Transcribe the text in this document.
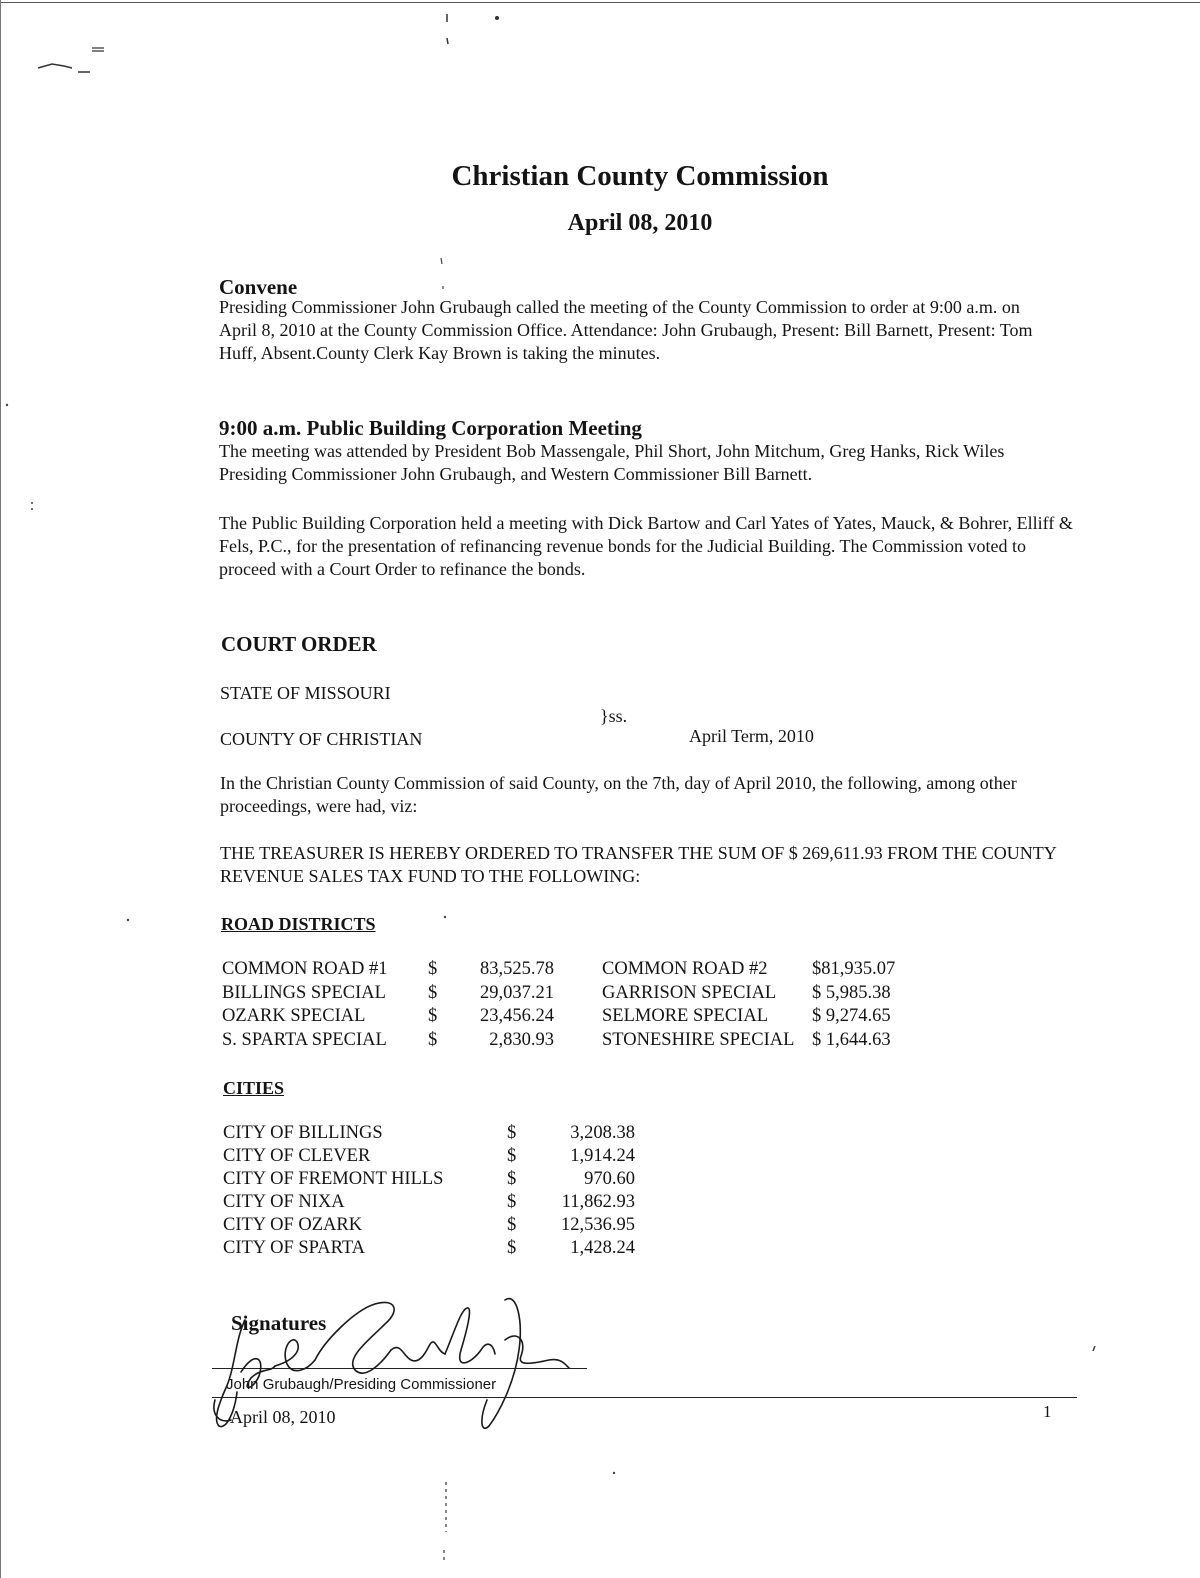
Christian County Commission
April 08, 2010
Convene
Presiding Commissioner John Grubaugh called the meeting of the County Commission to order at 9:00 a.m. on April 8, 2010 at the County Commission Office. Attendance: John Grubaugh, Present: Bill Barnett, Present: Tom Huff, Absent.County Clerk Kay Brown is taking the minutes.
9:00 a.m. Public Building Corporation Meeting
The meeting was attended by President Bob Massengale, Phil Short, John Mitchum, Greg Hanks, Rick Wiles Presiding Commissioner John Grubaugh, and Western Commissioner Bill Barnett.
The Public Building Corporation held a meeting with Dick Bartow and Carl Yates of Yates, Mauck, & Bohrer, Elliff & Fels, P.C., for the presentation of refinancing revenue bonds for the Judicial Building. The Commission voted to proceed with a Court Order to refinance the bonds.
COURT ORDER
STATE OF MISSOURI
}ss.
COUNTY OF CHRISTIAN	April Term, 2010
In the Christian County Commission of said County, on the 7th, day of April 2010, the following, among other proceedings, were had, viz:
THE TREASURER IS HEREBY ORDERED TO TRANSFER THE SUM OF $ 269,611.93 FROM THE COUNTY REVENUE SALES TAX FUND TO THE FOLLOWING:
ROAD DISTRICTS
COMMON ROAD #1	$	83,525.78		COMMON ROAD #2	$81,935.07
BILLINGS SPECIAL	$	29,037.21		GARRISON SPECIAL	$ 5,985.38
OZARK SPECIAL	$	23,456.24		SELMORE SPECIAL	$ 9,274.65
S. SPARTA SPECIAL	$	2,830.93		STONESHIRE SPECIAL	$ 1,644.63
CITIES
CITY OF BILLINGS	$	3,208.38
CITY OF CLEVER	$	1,914.24
CITY OF FREMONT HILLS	$	970.60
CITY OF NIXA	$	11,862.93
CITY OF OZARK	$	12,536.95
CITY OF SPARTA	$	1,428.24
Signatures
John Grubaugh/Presiding Commissioner
April 08, 2010	1
